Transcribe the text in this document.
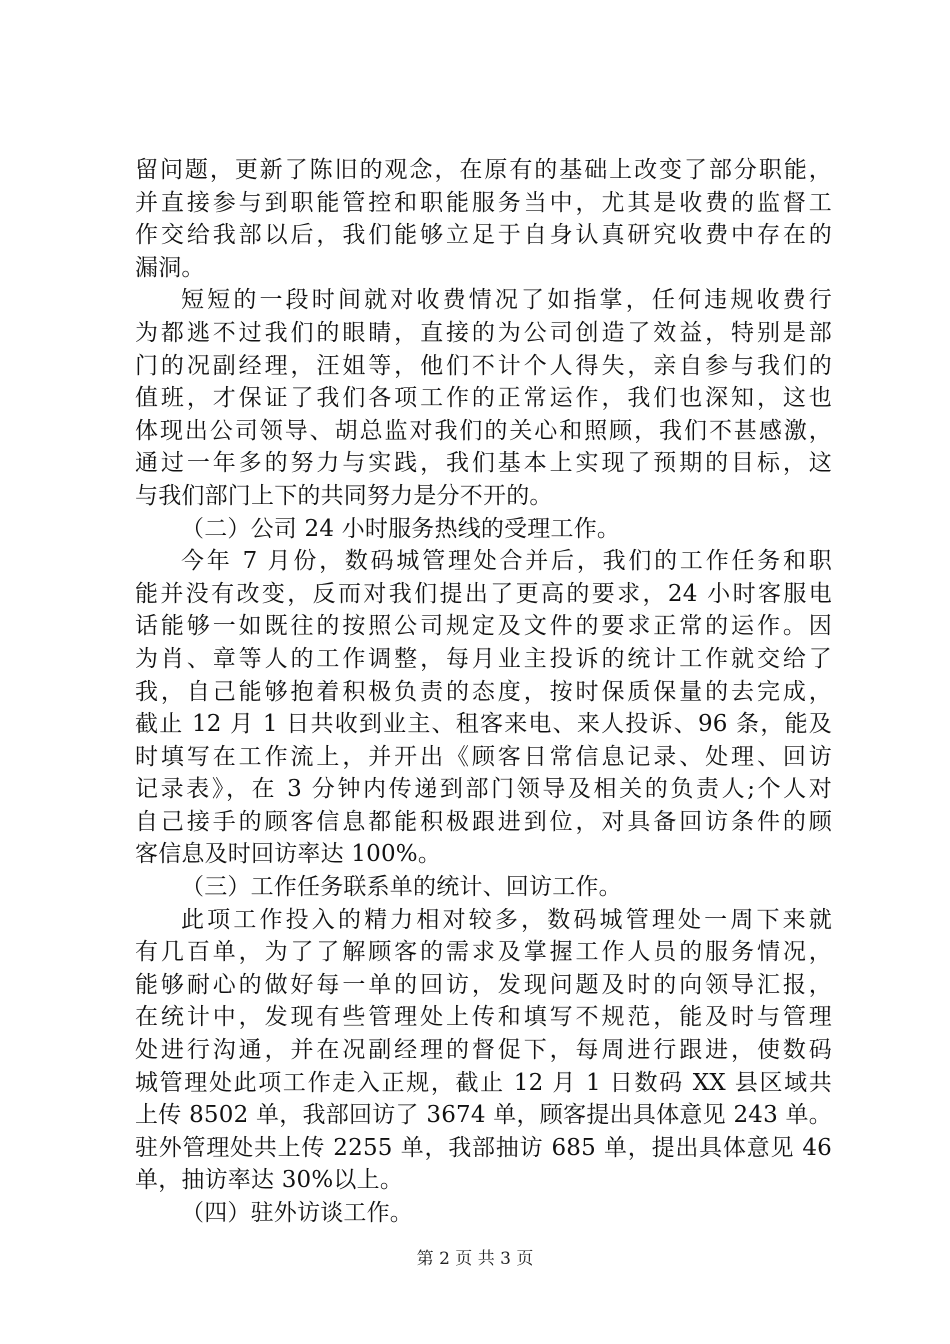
留问题，更新了陈旧的观念，在原有的基础上改变了部分职能，
并直接参与到职能管控和职能服务当中，尤其是收费的监督工
作交给我部以后，我们能够立足于自身认真研究收费中存在的
漏洞。
短短的一段时间就对收费情况了如指掌，任何违规收费行
为都逃不过我们的眼睛，直接的为公司创造了效益，特别是部
门的况副经理，汪姐等，他们不计个人得失，亲自参与我们的
值班，才保证了我们各项工作的正常运作，我们也深知，这也
体现出公司领导、胡总监对我们的关心和照顾，我们不甚感激，
通过一年多的努力与实践，我们基本上实现了预期的目标，这
与我们部门上下的共同努力是分不开的。
（二）公司 24 小时服务热线的受理工作。
今年 7 月份，数码城管理处合并后，我们的工作任务和职
能并没有改变，反而对我们提出了更高的要求，24 小时客服电
话能够一如既往的按照公司规定及文件的要求正常的运作。因
为肖、章等人的工作调整，每月业主投诉的统计工作就交给了
我，自己能够抱着积极负责的态度，按时保质保量的去完成，
截止 12 月 1 日共收到业主、租客来电、来人投诉、96 条，能及
时填写在工作流上，并开出《顾客日常信息记录、处理、回访
记录表》，在 3 分钟内传递到部门领导及相关的负责人;个人对
自己接手的顾客信息都能积极跟进到位，对具备回访条件的顾
客信息及时回访率达 100%。
（三）工作任务联系单的统计、回访工作。
此项工作投入的精力相对较多，数码城管理处一周下来就
有几百单，为了了解顾客的需求及掌握工作人员的服务情况，
能够耐心的做好每一单的回访，发现问题及时的向领导汇报，
在统计中，发现有些管理处上传和填写不规范，能及时与管理
处进行沟通，并在况副经理的督促下，每周进行跟进，使数码
城管理处此项工作走入正规，截止 12 月 1 日数码 XX 县区域共
上传 8502 单，我部回访了 3674 单，顾客提出具体意见 243 单。
驻外管理处共上传 2255 单，我部抽访 685 单，提出具体意见 46
单，抽访率达 30%以上。
（四）驻外访谈工作。
第 2 页 共 3 页
